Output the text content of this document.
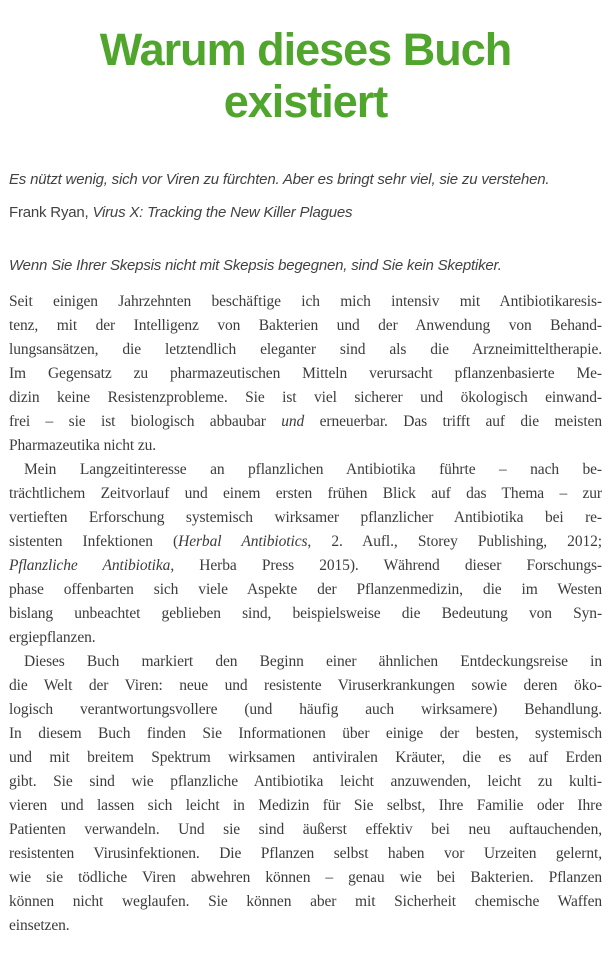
Warum dieses Buch
existiert

Es nützt wenig, sich vor Viren zu fürchten. Aber es bringt sehr viel, sie zu verstehen.

Frank Ryan, Virus X: Tracking the New Killer Plagues

Wenn Sie Ihrer Skepsis nicht mit Skepsis begegnen, sind Sie kein Skeptiker.

Seit einigen Jahrzehnten beschäftige ich mich intensiv mit Antibiotikaresis-
tenz, mit der Intelligenz von Bakterien und der Anwendung von Behand-
lungsansätzen, die letztendlich eleganter sind als die Arzneimitteltherapie.
Im Gegensatz zu pharmazeutischen Mitteln verursacht pflanzenbasierte Me-
dizin keine Resistenzprobleme. Sie ist viel sicherer und ökologisch einwand-
frei – sie ist biologisch abbaubar und erneuerbar. Das trifft auf die meisten
Pharmazeutika nicht zu.
Mein Langzeitinteresse an pflanzlichen Antibiotika führte – nach be-
trächtlichem Zeitvorlauf und einem ersten frühen Blick auf das Thema – zur
vertieften Erforschung systemisch wirksamer pflanzlicher Antibiotika bei re-
sistenten Infektionen (Herbal Antibiotics, 2. Aufl., Storey Publishing, 2012;
Pflanzliche Antibiotika, Herba Press 2015). Während dieser Forschungs-
phase offenbarten sich viele Aspekte der Pflanzenmedizin, die im Westen
bislang unbeachtet geblieben sind, beispielsweise die Bedeutung von Syn-
ergiepflanzen.
Dieses Buch markiert den Beginn einer ähnlichen Entdeckungsreise in
die Welt der Viren: neue und resistente Viruserkrankungen sowie deren öko-
logisch verantwortungsvollere (und häufig auch wirksamere) Behandlung.
In diesem Buch finden Sie Informationen über einige der besten, systemisch
und mit breitem Spektrum wirksamen antiviralen Kräuter, die es auf Erden
gibt. Sie sind wie pflanzliche Antibiotika leicht anzuwenden, leicht zu kulti-
vieren und lassen sich leicht in Medizin für Sie selbst, Ihre Familie oder Ihre
Patienten verwandeln. Und sie sind äußerst effektiv bei neu auftauchenden,
resistenten Virusinfektionen. Die Pflanzen selbst haben vor Urzeiten gelernt,
wie sie tödliche Viren abwehren können – genau wie bei Bakterien. Pflanzen
können nicht weglaufen. Sie können aber mit Sicherheit chemische Waffen
einsetzen.
